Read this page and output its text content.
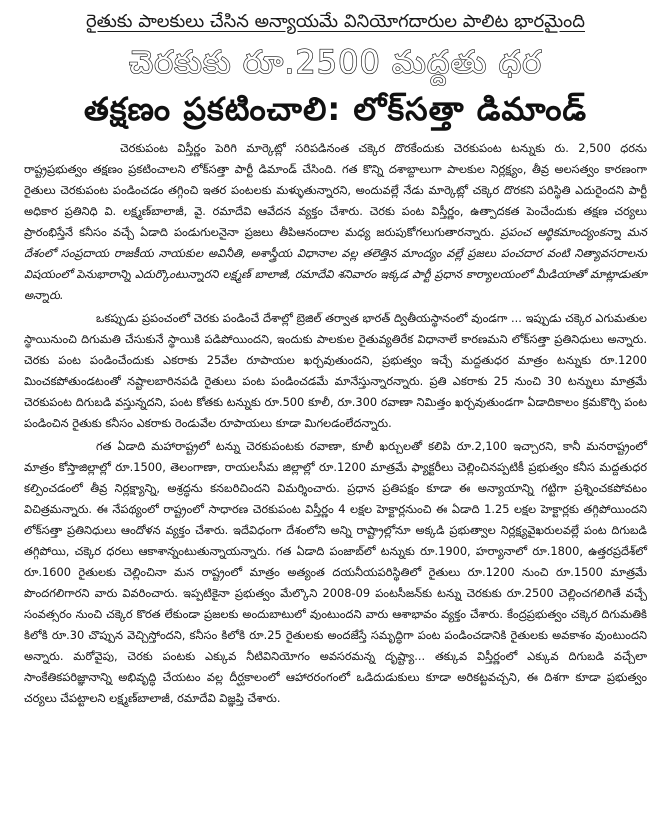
రైతుకు పాలకులు చేసిన అన్యాయమే వినియోగదారుల పాలిట భారమైంది
చెరకుకు రూ.2500 మద్దతు ధర
తక్షణం ప్రకటించాలి: లోక్‌సత్తా డిమాండ్

చెరకుపంట విస్తీర్ణం పెరిగి మార్కెట్లో సరిపడినంత చక్కెర దొరకేందుకు చెరకుపంట టన్నుకు రు. 2,500 ధరను రాష్ట్రప్రభుత్వం తక్షణం ప్రకటించాలని లోక్‌సత్తా పార్టీ డిమాండ్ చేసింది. గత కొన్ని దశాబ్దాలుగా పాలకుల నిర్లక్ష్యం, తీవ్ర అలసత్వం కారణంగా రైతులు చెరకుపంట పండించడం తగ్గించి ఇతర పంటలకు మళ్ళుతున్నారని, అందువల్లే నేడు మార్కెట్లో చక్కెర దొరకని పరిస్థితి ఎదురైందని పార్టీ అధికార ప్రతినిధి వి. లక్ష్మణ్‌బాలాజీ, వై. రమాదేవి ఆవేదన వ్యక్తం చేశారు. చెరకు పంట విస్తీర్ణం, ఉత్పాదకత పెంచేందుకు తక్షణ చర్యలు ప్రారంభిస్తేనే కనీసం వచ్చే ఏడాది పండుగులనైనా ప్రజలు తీపిఆనందాల మధ్య జరుపుకోగలుగుతారన్నారు. ప్రపంచ ఆర్థికమాంద్యంకన్నా మన దేశంలో సంప్రదాయ రాజకీయ నాయకుల అవినీతి, అశాస్త్రీయ విధానాల వల్ల తలెత్తిన మాంద్యం వల్లే ప్రజలు పంచదార వంటి నిత్యావసరాలను విషయంలో పెనుభారాన్ని ఎదుర్కొంటున్నారని లక్ష్మణ్ బాలాజీ, రమాదేవి శనివారం ఇక్కడ పార్టీ ప్రధాన కార్యాలయంలో మీడియాతో మాట్లాడుతూ అన్నారు.

ఒకప్పుడు ప్రపంచంలో చెరకు పండించే దేశాల్లో బ్రెజిల్ తర్వాత భారత్ ద్వితీయస్థానంలో వుండగా ... ఇప్పుడు చక్కెర ఎగుమతుల స్థాయినుంచి దిగుమతి చేసుకునే స్థాయికి పడిపోయిందని, ఇందుకు పాలకుల రైతువ్యతిరేక విధానాలే కారణమని లోక్‌సత్తా ప్రతినిధులు అన్నారు. చెరకు పంట పండించేందుకు ఎకరాకు 25వేల రూపాయల ఖర్చవుతుందని, ప్రభుత్వం ఇచ్చే మద్దతుధర మాత్రం టన్నుకు రూ.1200 మించకపోతుండటంతో నష్టాలబారినపడి రైతులు పంట పండించడమే మానేస్తున్నారన్నారు. ప్రతి ఎకరాకు 25 నుంచి 30 టన్నులు మాత్రమే చెరకుపంట దిగుబడి వస్తున్నదని, పంట కోతకు టన్నుకు రూ.500 కూలీ, రూ.300 రవాణా నిమిత్తం ఖర్చవుతుండగా ఏడాదికాలం క్రమకొర్చి పంట పండించిన రైతుకు కనీసం ఎకరాకు రెండువేల రూపాయలు కూడా మిగలడంలేదన్నారు.

గత ఏడాది మహారాష్ట్రలో టన్ను చెరకుపంటకు రవాణా, కూలీ ఖర్చులతో కలిపి రూ.2,100 ఇచ్చారని, కానీ మనరాష్ట్రంలో మాత్రం కోస్తాజిల్లాల్లో రూ.1500, తెలంగాణా, రాయలసీమ జిల్లాల్లో రూ.1200 మాత్రమే ఫ్యాక్టరీలు చెల్లించినప్పటికీ ప్రభుత్వం కనీస మద్దతుధర కల్పించడంలో తీవ్ర నిర్లక్ష్యాన్ని, అశ్రద్ధను కనబరిచిందని విమర్శించారు. ప్రధాన ప్రతిపక్షం కూడా ఈ అన్యాయాన్ని గట్టిగా ప్రశ్నించకపోవటం విచిత్రమన్నారు. ఈ నేపథ్యంలో రాష్ట్రంలో సాధారణ చెరకుపంట విస్తీర్ణం 4 లక్షల హెక్టార్లనుంచి ఈ ఏడాది 1.25 లక్షల హెక్టార్లకు తగ్గిపోయిందని లోక్‌సత్తా ప్రతినిధులు ఆందోళన వ్యక్తం చేశారు. ఇదేవిధంగా దేశంలోని అన్ని రాష్ట్రాల్లోనూ అక్కడి ప్రభుత్వాల నిర్లక్ష్యవైఖరులవల్లే పంట దిగుబడి తగ్గిపోయి, చక్కెర ధరలు ఆకాశాన్నంటుతున్నాయన్నారు. గత ఏడాది పంజాబ్‌లో టన్నుకు రూ.1900, హర్యానాలో రూ.1800, ఉత్తరప్రదేశ్‌లో రూ.1600 రైతులకు చెల్లించినా మన రాష్ట్రంలో మాత్రం అత్యంత దయనీయపరిస్థితిలో రైతులు రూ.1200 నుంచి రూ.1500 మాత్రమే పొందగలిగారని వారు వివరించారు. ఇప్పటికైనా ప్రభుత్వం మేల్కొని 2008-09 పంటసీజన్‌కు టన్ను చెరకుకు రూ.2500 చెల్లించగలిగితే వచ్చే సంవత్సరం నుంచి చక్కెర కొరత లేకుండా ప్రజలకు అందుబాటులో వుంటుందని వారు ఆశాభావం వ్యక్తం చేశారు. కేంద్రప్రభుత్వం చక్కెర దిగుమతికి కిలోకి రూ.30 చొప్పున వెచ్చిస్తోందని, కనీసం కిలోకి రూ.25 రైతులకు అందజేస్తే సమృద్ధిగా పంట పండించడానికి రైతులకు అవకాశం వుంటుందని అన్నారు. మరోవైపు, చెరకు పంటకు ఎక్కువ నీటివినియోగం అవసరమన్న దృష్ట్యా... తక్కువ విస్తీర్ణంలో ఎక్కువ దిగుబడి వచ్చేలా సాంకేతికపరిజ్ఞానాన్ని అభివృద్ధి చేయటం వల్ల దీర్ఘకాలంలో ఆహారరంగంలో ఒడిదుడుకులు కూడా అరికట్టవచ్చని, ఈ దిశగా కూడా ప్రభుత్వం చర్యలు చేపట్టాలని లక్ష్మణ్‌బాలాజీ, రమాదేవి విజ్ఞప్తి చేశారు.
